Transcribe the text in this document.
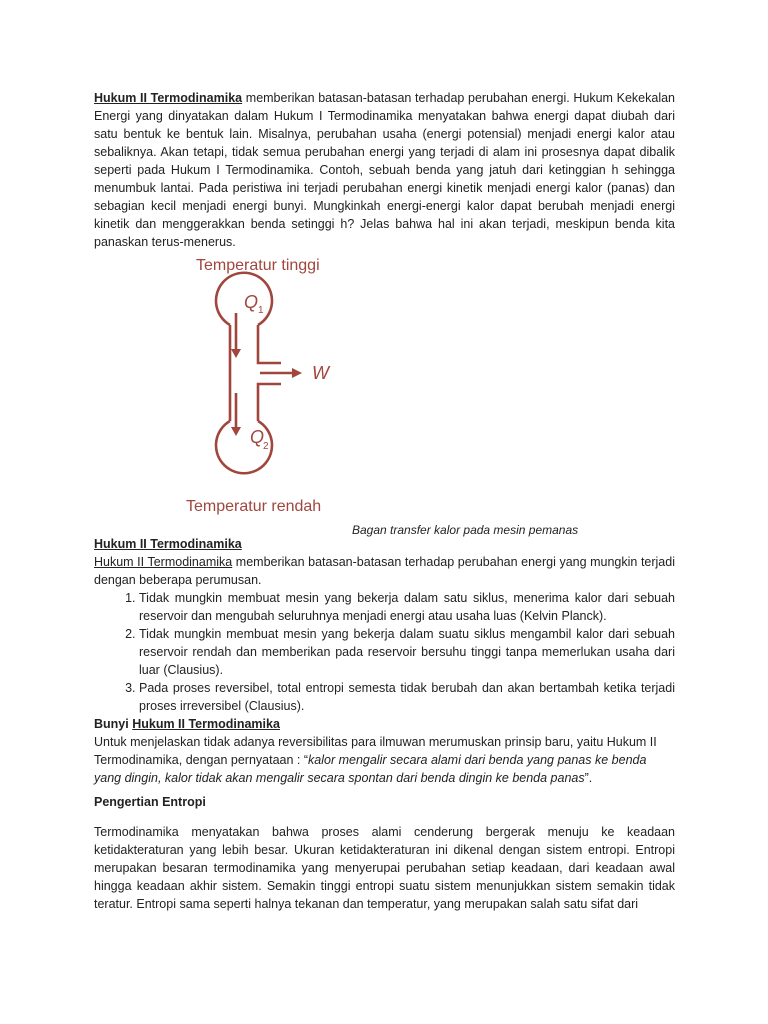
Hukum II Termodinamika memberikan batasan-batasan terhadap perubahan energi. Hukum Kekekalan Energi yang dinyatakan dalam Hukum I Termodinamika menyatakan bahwa energi dapat diubah dari satu bentuk ke bentuk lain. Misalnya, perubahan usaha (energi potensial) menjadi energi kalor atau sebaliknya. Akan tetapi, tidak semua perubahan energi yang terjadi di alam ini prosesnya dapat dibalik seperti pada Hukum I Termodinamika. Contoh, sebuah benda yang jatuh dari ketinggian h sehingga menumbuk lantai. Pada peristiwa ini terjadi perubahan energi kinetik menjadi energi kalor (panas) dan sebagian kecil menjadi energi bunyi. Mungkinkah energi-energi kalor dapat berubah menjadi energi kinetik dan menggerakkan benda setinggi h? Jelas bahwa hal ini akan terjadi, meskipun benda kita panaskan terus-menerus.

Temperatur tinggi
Q 1
W
Q
2
Temperatur rendah
Bagan transfer kalor pada mesin pemanas

Hukum II Termodinamika

Hukum II Termodinamika memberikan batasan-batasan terhadap perubahan energi yang mungkin terjadi dengan beberapa perumusan.

1. Tidak mungkin membuat mesin yang bekerja dalam satu siklus, menerima kalor dari sebuah reservoir dan mengubah seluruhnya menjadi energi atau usaha luas (Kelvin Planck).
2. Tidak mungkin membuat mesin yang bekerja dalam suatu siklus mengambil kalor dari sebuah reservoir rendah dan memberikan pada reservoir bersuhu tinggi tanpa memerlukan usaha dari luar (Clausius).
3. Pada proses reversibel, total entropi semesta tidak berubah dan akan bertambah ketika terjadi proses irreversibel (Clausius).

Bunyi Hukum II Termodinamika

Untuk menjelaskan tidak adanya reversibilitas para ilmuwan merumuskan prinsip baru, yaitu Hukum II Termodinamika, dengan pernyataan : “kalor mengalir secara alami dari benda yang panas ke benda yang dingin, kalor tidak akan mengalir secara spontan dari benda dingin ke benda panas”.

Pengertian Entropi

Termodinamika menyatakan bahwa proses alami cenderung bergerak menuju ke keadaan ketidakteraturan yang lebih besar. Ukuran ketidakteraturan ini dikenal dengan sistem entropi. Entropi merupakan besaran termodinamika yang menyerupai perubahan setiap keadaan, dari keadaan awal hingga keadaan akhir sistem. Semakin tinggi entropi suatu sistem menunjukkan sistem semakin tidak teratur. Entropi sama seperti halnya tekanan dan temperatur, yang merupakan salah satu sifat dari
